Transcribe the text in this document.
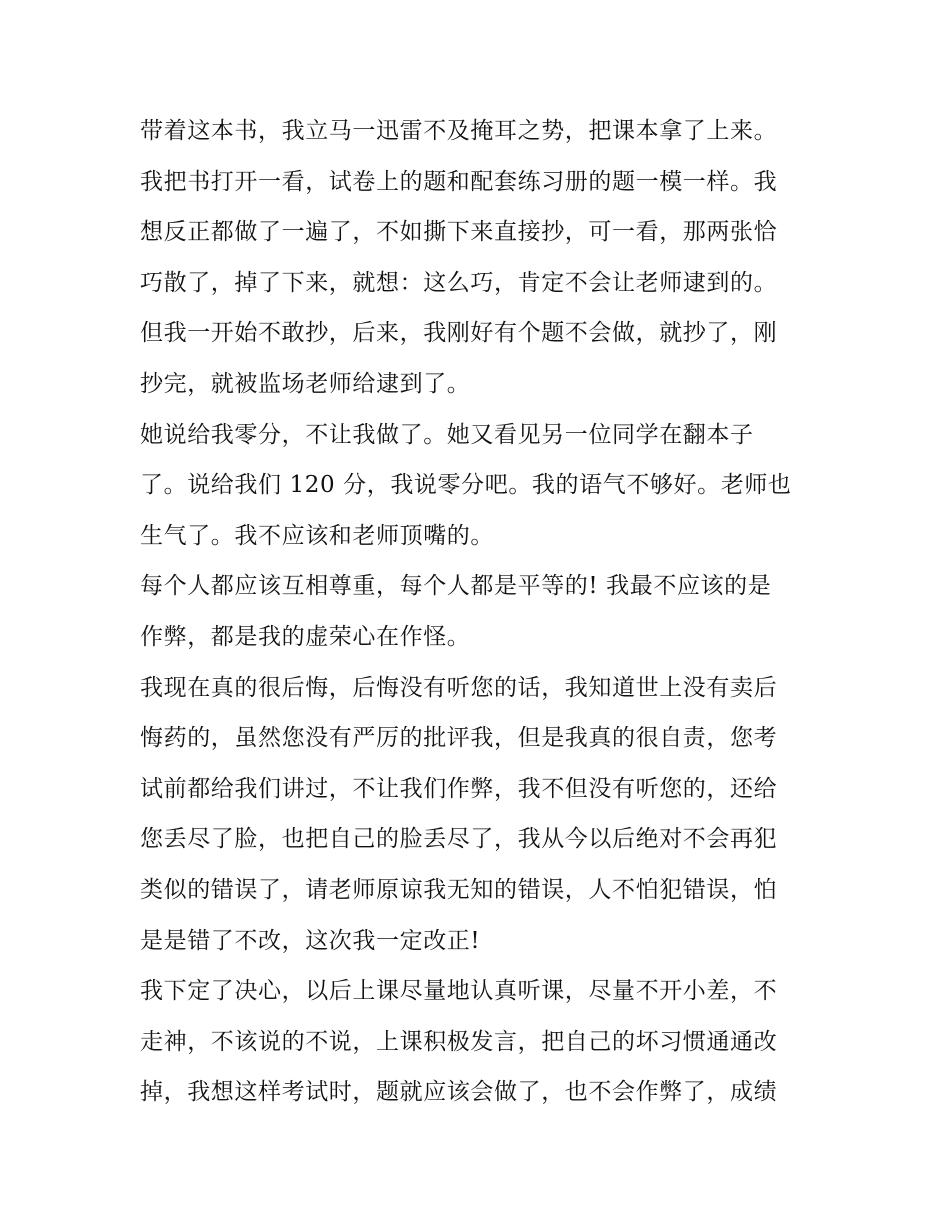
带着这本书，我立马一迅雷不及掩耳之势，把课本拿了上来。
我把书打开一看，试卷上的题和配套练习册的题一模一样。我
想反正都做了一遍了，不如撕下来直接抄，可一看，那两张恰
巧散了，掉了下来，就想：这么巧，肯定不会让老师逮到的。
但我一开始不敢抄，后来，我刚好有个题不会做，就抄了，刚
抄完，就被监场老师给逮到了。
她说给我零分，不让我做了。她又看见另一位同学在翻本子
了。说给我们 120 分，我说零分吧。我的语气不够好。老师也
生气了。我不应该和老师顶嘴的。
每个人都应该互相尊重，每个人都是平等的! 我最不应该的是
作弊，都是我的虚荣心在作怪。
我现在真的很后悔，后悔没有听您的话，我知道世上没有卖后
悔药的，虽然您没有严厉的批评我，但是我真的很自责，您考
试前都给我们讲过，不让我们作弊，我不但没有听您的，还给
您丢尽了脸，也把自己的脸丢尽了，我从今以后绝对不会再犯
类似的错误了，请老师原谅我无知的错误，人不怕犯错误，怕
是是错了不改，这次我一定改正!
我下定了决心，以后上课尽量地认真听课，尽量不开小差，不
走神，不该说的不说，上课积极发言，把自己的坏习惯通通改
掉，我想这样考试时，题就应该会做了，也不会作弊了，成绩
